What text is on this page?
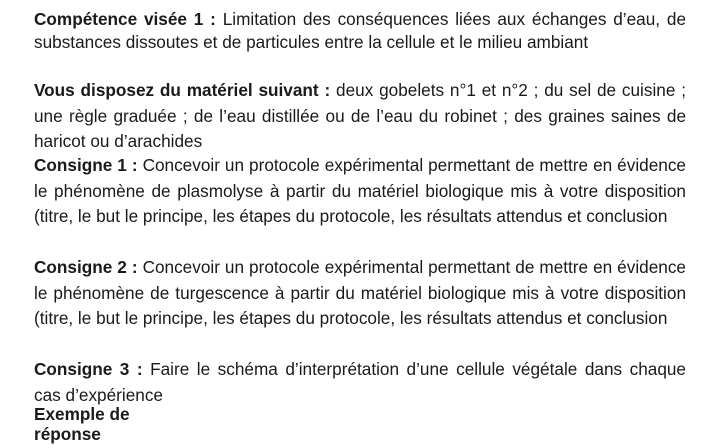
Compétence visée 1 : Limitation des conséquences liées aux échanges d’eau, de substances dissoutes et de particules entre la cellule et le milieu ambiant
Vous disposez du matériel suivant : deux gobelets n°1 et n°2 ; du sel de cuisine ; une règle graduée ; de l’eau distillée ou de l’eau du robinet ; des graines saines de haricot ou d’arachides
Consigne 1 : Concevoir un protocole expérimental permettant de mettre en évidence le phénomène de plasmolyse à partir du matériel biologique mis à votre disposition (titre, le but le principe, les étapes du protocole, les résultats attendus et conclusion
Consigne 2 : Concevoir un protocole expérimental permettant de mettre en évidence le phénomène de turgescence à partir du matériel biologique mis à votre disposition (titre, le but le principe, les étapes du protocole, les résultats attendus et conclusion
Consigne 3 : Faire le schéma d’interprétation d’une cellule végétale dans chaque cas d’expérience
Exemple de réponse
